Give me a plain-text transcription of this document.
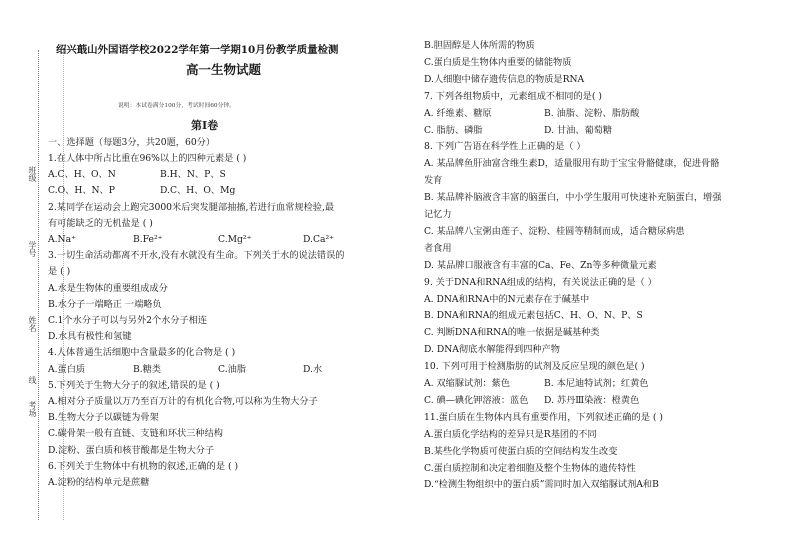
班级
学号
姓名
线
考场
绍兴蕺山外国语学校2022学年第一学期10月份教学质量检测
高一生物试题
说明：本试卷满分100分，考试时间60分钟。
第Ⅰ卷
一、选择题（每题3分，共20题，60分）
1.在人体中所占比重在96%以上的四种元素是 ( )
A.C、H、O、N	B.H、N、P、S
C.O、H、N、P	D.C、H、O、Mg
2.某同学在运动会上跑完3000米后突发腿部抽搐,若进行血常规检验,最
有可能缺乏的无机盐是 ( )
A.Na⁺	B.Fe²⁺	C.Mg²⁺	D.Ca²⁺
3.一切生命活动都离不开水,没有水就没有生命。下列关于水的说法错误的
是 ( )
A.水是生物体的重要组成成分
B.水分子一端略正 一端略负
C.1个水分子可以与另外2个水分子相连
D.水具有极性和氢键
4.人体普通生活细胞中含量最多的化合物是 ( )
A.蛋白质	B.糖类	C.油脂	D.水
5.下列关于生物大分子的叙述,错误的是 ( )
A.相对分子质量以万乃至百万计的有机化合物,可以称为生物大分子
B.生物大分子以碳链为骨架
C.碳骨架一般有直链、支链和环状三种结构
D.淀粉、蛋白质和核苷酸都是生物大分子
6.下列关于生物体中有机物的叙述,正确的是 ( )
A.淀粉的结构单元是蔗糖
B.胆固醇是人体所需的物质
C.蛋白质是生物体内重要的储能物质
D.人细胞中储存遗传信息的物质是RNA
7. 下列各组物质中，元素组成不相同的是( )
A. 纤维素、糖原	B. 油脂、淀粉、脂肪酸
C. 脂肪、磷脂	D. 甘油、葡萄糖
8. 下列广告语在科学性上正确的是（ ）
A. 某品牌鱼肝油富含维生素D，适量服用有助于宝宝骨骼健康，促进骨骼
发育
B. 某品牌补脑液含丰富的脑蛋白，中小学生服用可快速补充脑蛋白，增强
记忆力
C. 某品牌八宝粥由莲子、淀粉、桂圆等精制而成，适合糖尿病患
者食用
D. 某品牌口服液含有丰富的Ca、Fe、Zn等多种微量元素
9. 关于DNA和RNA组成的结构，有关说法正确的是（ ）
A. DNA和RNA中的N元素存在于碱基中
B. DNA和RNA的组成元素包括C、H、O、N、P、S
C. 判断DNA和RNA的唯一依据是碱基种类
D. DNA彻底水解能得到四种产物
10. 下列可用于检测脂肪的试剂及反应呈现的颜色是( )
A. 双缩脲试剂：紫色	B. 本尼迪特试剂；红黄色
C. 碘—碘化钾溶液：蓝色 D. 苏丹Ⅲ染液：橙黄色
11.蛋白质在生物体内具有重要作用，下列叙述正确的是 ( )
A.蛋白质化学结构的差异只是R基团的不同
B.某些化学物质可使蛋白质的空间结构发生改变
C.蛋白质控制和决定着细胞及整个生物体的遗传特性
D.“检测生物组织中的蛋白质”需同时加入双缩脲试剂A和B
